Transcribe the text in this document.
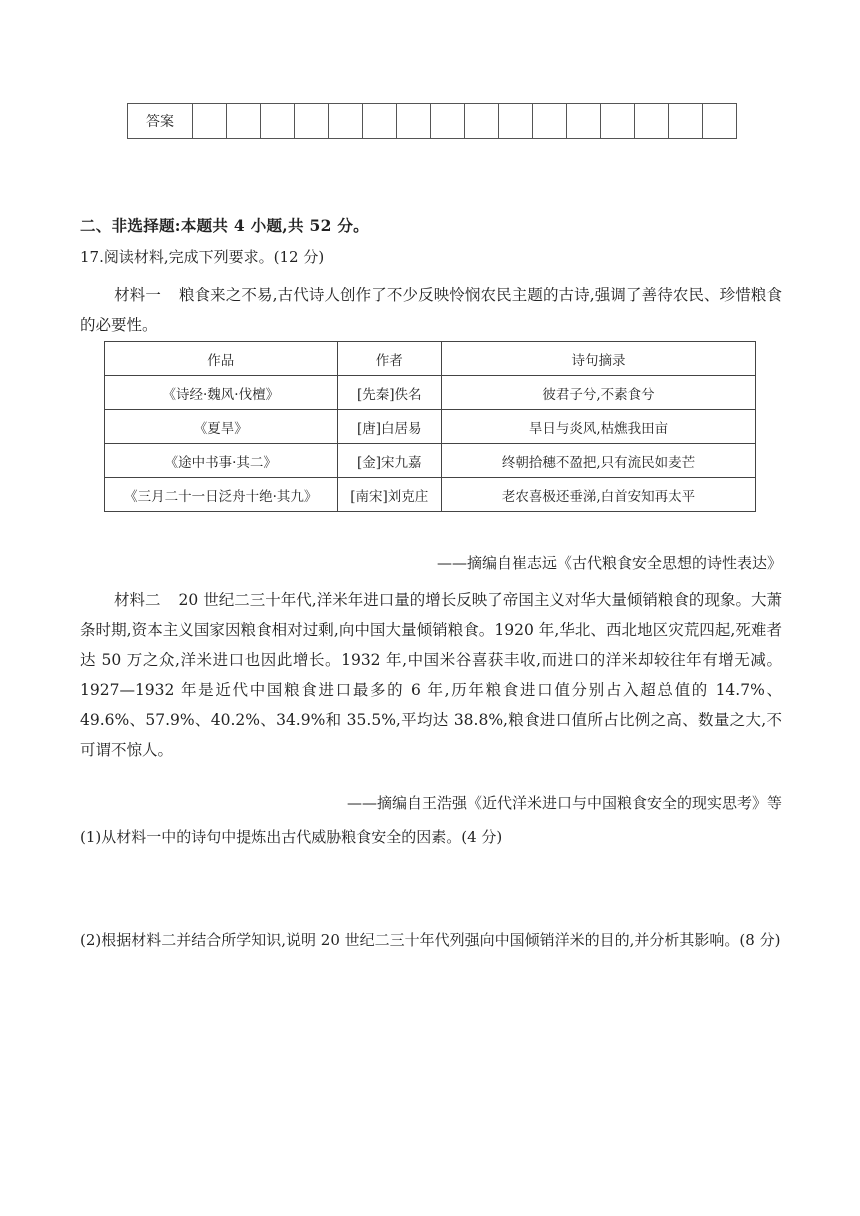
答案																
二、非选择题:本题共 4 小题,共 52 分。
17.阅读材料,完成下列要求。(12 分)
材料一 粮食来之不易,古代诗人创作了不少反映怜悯农民主题的古诗,强调了善待农民、珍惜粮食的必要性。
作品	作者	诗句摘录
《诗经·魏风·伐檀》	[先秦]佚名	彼君子兮,不素食兮
《夏旱》	[唐]白居易	旱日与炎风,枯燋我田亩
《途中书事·其二》	[金]宋九嘉	终朝拾穗不盈把,只有流民如麦芒
《三月二十一日泛舟十绝·其九》	[南宋]刘克庄	老农喜极还垂涕,白首安知再太平
——摘编自崔志远《古代粮食安全思想的诗性表达》
材料二 20 世纪二三十年代,洋米年进口量的增长反映了帝国主义对华大量倾销粮食的现象。大萧条时期,资本主义国家因粮食相对过剩,向中国大量倾销粮食。1920 年,华北、西北地区灾荒四起,死难者达 50 万之众,洋米进口也因此增长。1932 年,中国米谷喜获丰收,而进口的洋米却较往年有增无减。1927—1932 年是近代中国粮食进口最多的 6 年,历年粮食进口值分别占入超总值的 14.7%、49.6%、57.9%、40.2%、34.9%和 35.5%,平均达 38.8%,粮食进口值所占比例之高、数量之大,不可谓不惊人。
——摘编自王浩强《近代洋米进口与中国粮食安全的现实思考》等
(1)从材料一中的诗句中提炼出古代威胁粮食安全的因素。(4 分)
(2)根据材料二并结合所学知识,说明 20 世纪二三十年代列强向中国倾销洋米的目的,并分析其影响。(8 分)
